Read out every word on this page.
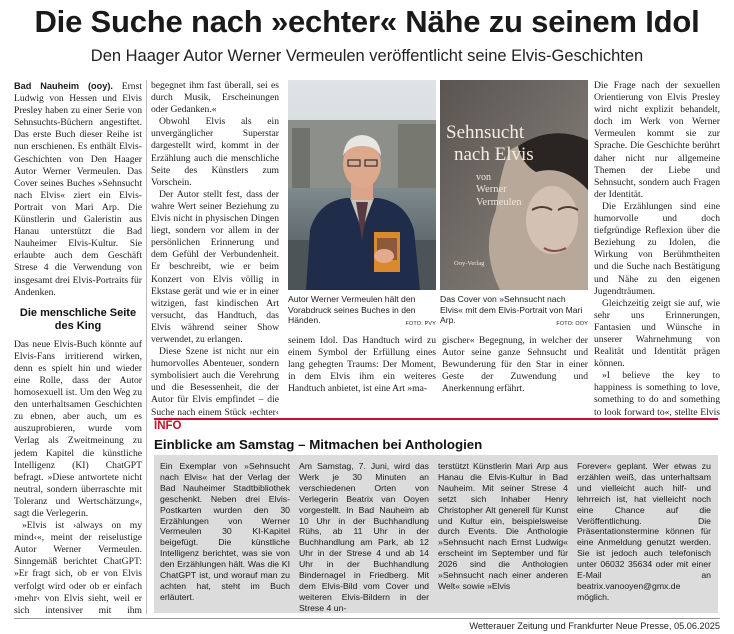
Die Suche nach »echter« Nähe zu seinem Idol
Den Haager Autor Werner Vermeulen veröffentlicht seine Elvis-Geschichten

Bad Nauheim (ooy). Ernst Ludwig von Hessen und Elvis Presley haben zu einer Serie von Sehnsuchts-Büchern angestiftet. Das erste Buch dieser Reihe ist nun erschienen. Es enthält Elvis-Geschichten von Den Haager Autor Werner Vermeulen. Das Cover seines Buches »Sehnsucht nach Elvis« ziert ein Elvis-Portrait von Mari Arp. Die Künstlerin und Galeristin aus Hanau unterstützt die Bad Nauheimer Elvis-Kultur. Sie erlaubte auch dem Geschäft Strese 4 die Verwendung von insgesamt drei Elvis-Portraits für Andenken.

Die menschliche Seite des King

Das neue Elvis-Buch könnte auf Elvis-Fans irritierend wirken, denn es spielt hin und wieder eine Rolle, dass der Autor homosexuell ist. Um den Weg zu den unterhaltsamen Geschichten zu ebnen, aber auch, um es auszuprobieren, wurde vom Verlag als Zweitmeinung zu jedem Kapitel die künstliche Intelligenz (KI) ChatGPT befragt. »Diese antwortete nicht neutral, sondern überraschte mit Toleranz und Wertschätzung«, sagt die Verlegerin.

»Elvis ist ›always on my mind‹«, meint der reiselustige Autor Werner Vermeulen. Sinngemäß berichtet ChatGPT: »Er fragt sich, ob er von Elvis verfolgt wird oder ob er einfach ›mehr‹ von Elvis sieht, weil er sich intensiver mit ihm

begegnet ihm fast überall, sei es durch Musik, Erscheinungen oder Gedanken.«

Obwohl Elvis als ein unvergänglicher Superstar dargestellt wird, kommt in der Erzählung auch die menschliche Seite des Künstlers zum Vorschein.

Der Autor stellt fest, dass der wahre Wert seiner Beziehung zu Elvis nicht in physischen Dingen liegt, sondern vor allem in der persönlichen Erinnerung und dem Gefühl der Verbundenheit. Er beschreibt, wie er beim Konzert von Elvis völlig in Ekstase gerät und wie er in einer witzigen, fast kindischen Art versucht, das Handtuch, das Elvis während seiner Show verwendet, zu erlangen.

Diese Szene ist nicht nur ein humorvolles Abenteuer, sondern symbolisiert auch die Verehrung und die Besessenheit, die der Autor für Elvis empfindet – die Suche nach einem Stück ›echter‹

Autor Werner Vermeulen hält den Vorabdruck seines Buches in den Händen.	FOTO: PVY
Sehnsucht
nach Elvis
von
Werner
Vermeulen
Ooy-Verlag
Das Cover von »Sehnsucht nach Elvis« mit dem Elvis-Portrait von Mari Arp.	FOTO: OOY

seinem Idol. Das Handtuch wird zu einem Symbol der Erfüllung eines lang gehegten Traums: Der Moment, in dem Elvis ihm ein weiteres Handtuch anbietet, ist eine Art »ma-

gischer« Begegnung, in welcher der Autor seine ganze Sehnsucht und Bewunderung für den Star in einer Geste der Zuwendung und Anerkennung erfährt.

Die Frage nach der sexuellen Orientierung von Elvis Presley wird nicht explizit behandelt, doch im Werk von Werner Vermeulen kommt sie zur Sprache. Die Geschichte berührt daher nicht nur allgemeine Themen der Liebe und Sehnsucht, sondern auch Fragen der Identität.

Die Erzählungen sind eine humorvolle und doch tiefgründige Reflexion über die Beziehung zu Idolen, die Wirkung von Berühmtheiten und die Suche nach Bestätigung und Nähe zu den eigenen Jugendträumen.

Gleichzeitig zeigt sie auf, wie sehr uns Erinnerungen, Fantasien und Wünsche in unserer Wahrnehmung von Realität und Identität prägen können.

»I believe the key to happiness is something to love, something to do and something to look forward to«, stellte Elvis

INFO
Einblicke am Samstag – Mitmachen bei Anthologien
Ein Exemplar von »Sehnsucht nach Elvis« hat der Verlag der Bad Nauheimer Stadtbibliothek geschenkt. Neben drei Elvis-Postkarten wurden den 30 Erzählungen von Werner Vermeulen 30 KI-Kapitel beigefügt. Die künstliche Intelligenz berichtet, was sie von den Erzählungen hält. Was die KI ChatGPT ist, und worauf man zu achten hat, steht im Buch erläutert.
Am Samstag, 7. Juni, wird das Werk je 30 Minuten an verschiedenen Orten von Verlegerin Beatrix van Ooyen vorgestellt. In Bad Nauheim ab 10 Uhr in der Buchhandlung Rühs, ab 11 Uhr in der Buchhandlung am Park, ab 12 Uhr in der Strese 4 und ab 14 Uhr in der Buchhandlung Bindernagel in Friedberg. Mit dem Elvis-Bild vom Cover und weiteren Elvis-Bildern in der Strese 4 un-
terstützt Künstlerin Mari Arp aus Hanau die Elvis-Kultur in Bad Nauheim. Mit seiner Strese 4 setzt sich Inhaber Henry Christopher Alt generell für Kunst und Kultur ein, beispielsweise durch Events. Die Anthologie »Sehnsucht nach Ernst Ludwig« erscheint im September und für 2026 sind die Anthologien »Sehnsucht nach einer anderen Welt« sowie »Elvis
Forever« geplant. Wer etwas zu erzählen weiß, das unterhaltsam und vielleicht auch hilf- und lehrreich ist, hat vielleicht noch eine Chance auf die Veröffentlichung. Die Präsentationstermine können für eine Anmeldung genutzt werden. Sie ist jedoch auch telefonisch unter 06032 35634 oder mit einer E-Mail an beatrix.vanooyen@gmx.de möglich.
Wetterauer Zeitung und Frankfurter Neue Presse, 05.06.2025
